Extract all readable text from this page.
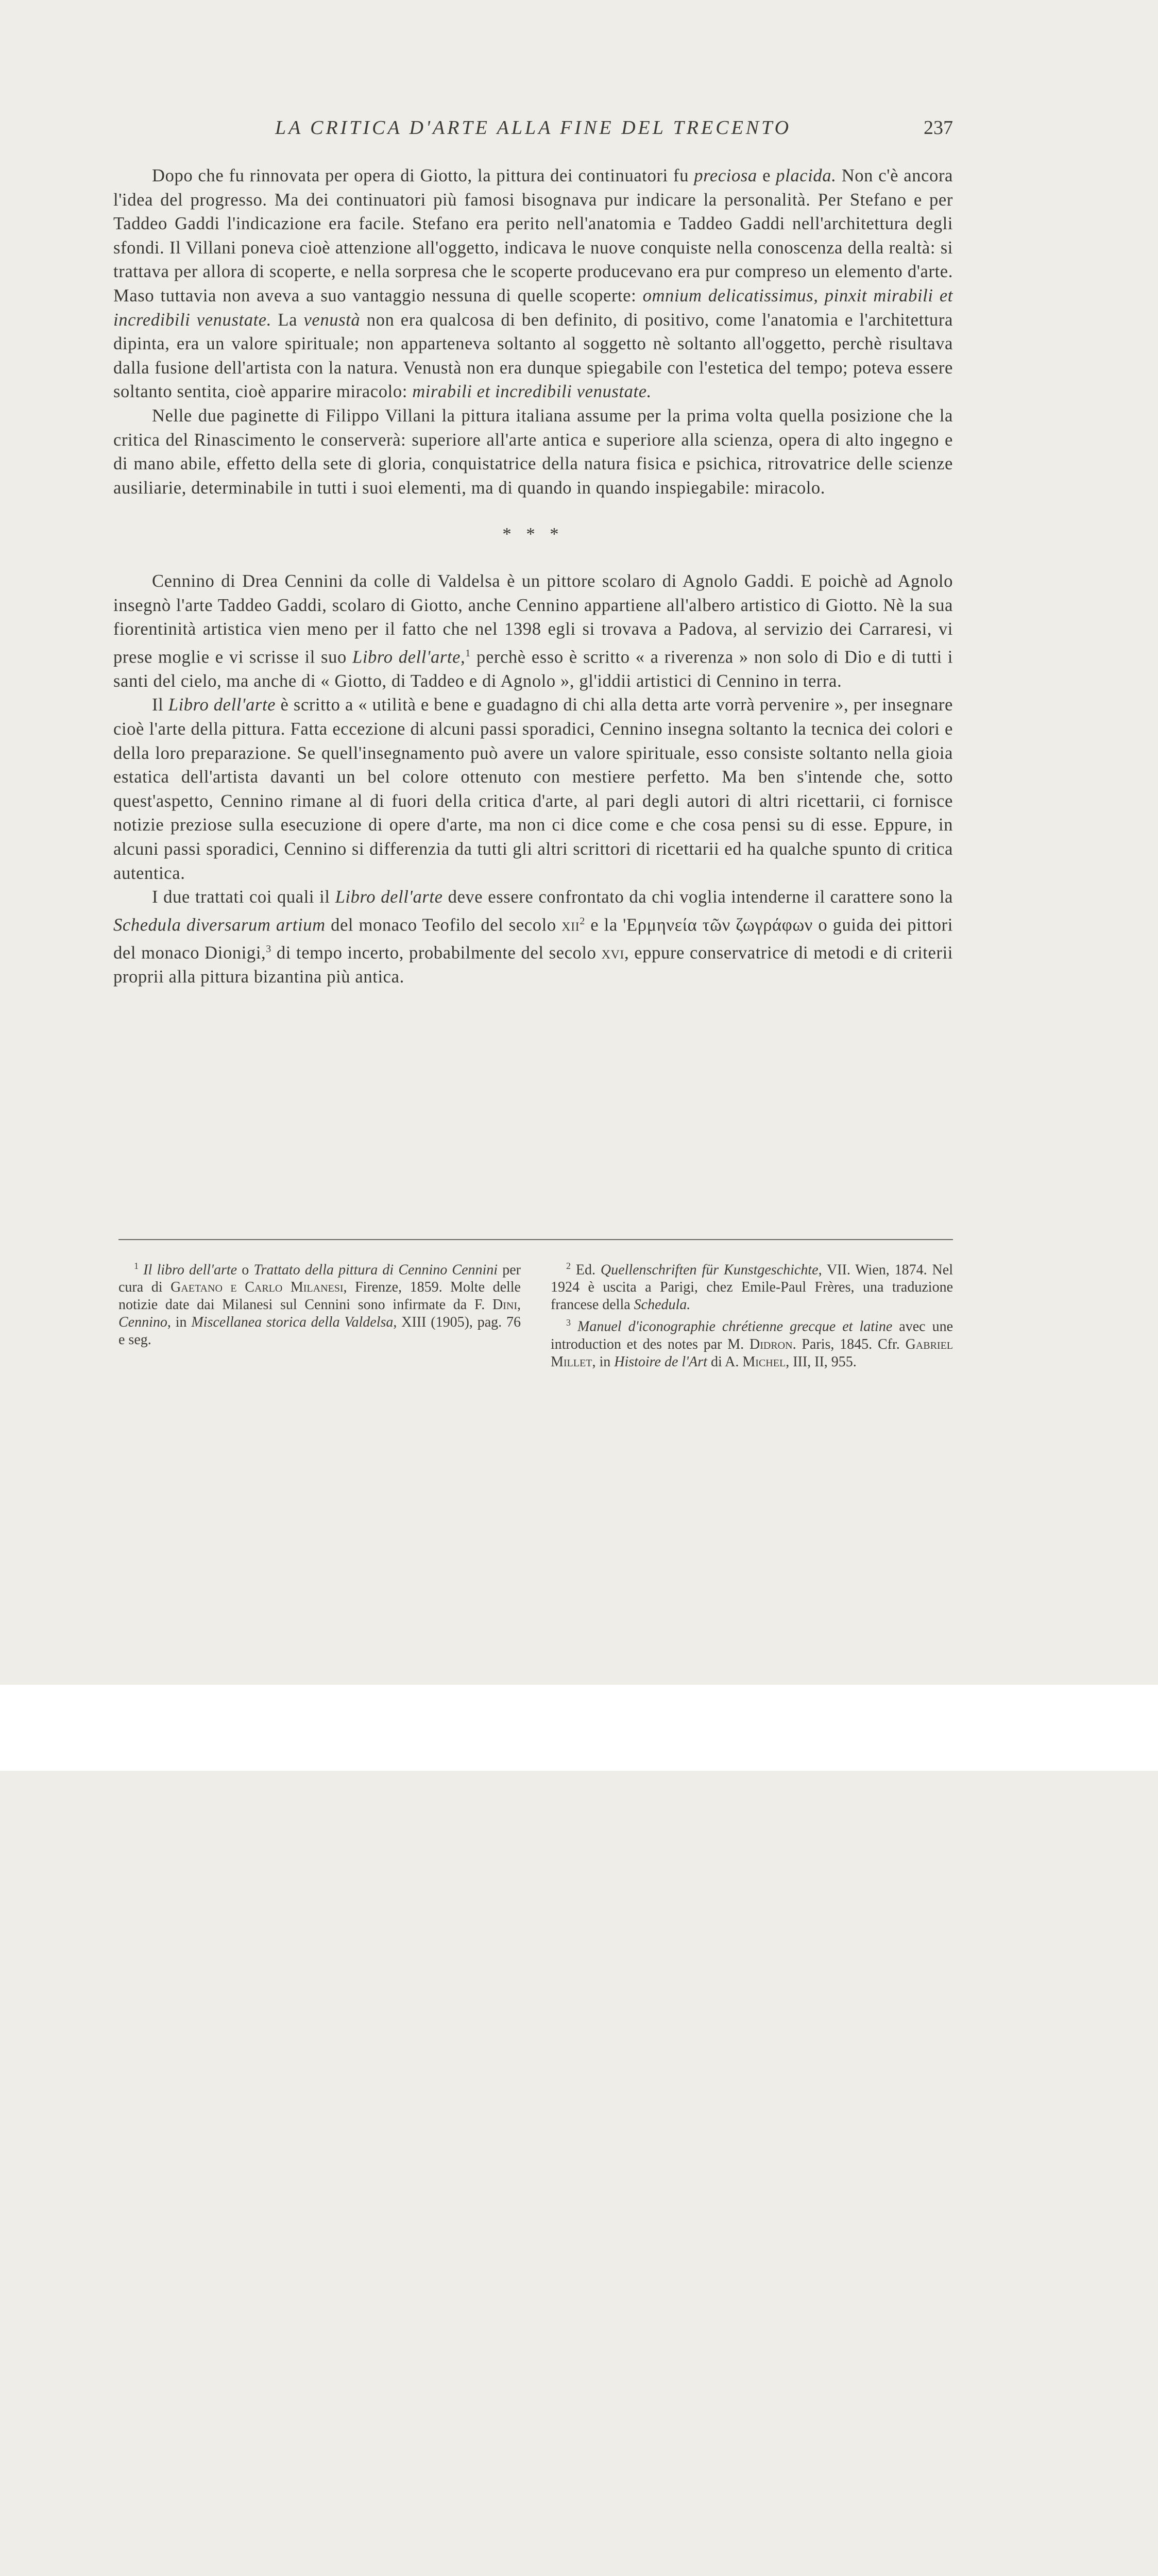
LA CRITICA D'ARTE ALLA FINE DEL TRECENTO	237

Dopo che fu rinnovata per opera di Giotto, la pittura dei continuatori fu preciosa e placida. Non c'è ancora l'idea del progresso. Ma dei continuatori più famosi bisognava pur indicare la personalità. Per Stefano e per Taddeo Gaddi l'indicazione era facile. Stefano era perito nell'anatomia e Taddeo Gaddi nell'architettura degli sfondi. Il Villani poneva cioè attenzione all'oggetto, indicava le nuove conquiste nella conoscenza della realtà: si trattava per allora di scoperte, e nella sorpresa che le scoperte producevano era pur compreso un elemento d'arte. Maso tuttavia non aveva a suo vantaggio nessuna di quelle scoperte: omnium delicatissimus, pinxit mirabili et incredibili venustate. La venustà non era qualcosa di ben definito, di positivo, come l'anatomia e l'architettura dipinta, era un valore spirituale; non apparteneva soltanto al soggetto nè soltanto all'oggetto, perchè risultava dalla fusione dell'artista con la natura. Venustà non era dunque spiegabile con l'estetica del tempo; poteva essere soltanto sentita, cioè apparire miracolo: mirabili et incredibili venustate.

Nelle due paginette di Filippo Villani la pittura italiana assume per la prima volta quella posizione che la critica del Rinascimento le conserverà: superiore all'arte antica e superiore alla scienza, opera di alto ingegno e di mano abile, effetto della sete di gloria, conquistatrice della natura fisica e psichica, ritrovatrice delle scienze ausiliarie, determinabile in tutti i suoi elementi, ma di quando in quando inspiegabile: miracolo.

* * *

Cennino di Drea Cennini da colle di Valdelsa è un pittore scolaro di Agnolo Gaddi. E poichè ad Agnolo insegnò l'arte Taddeo Gaddi, scolaro di Giotto, anche Cennino appartiene all'albero artistico di Giotto. Nè la sua fiorentinità artistica vien meno per il fatto che nel 1398 egli si trovava a Padova, al servizio dei Carraresi, vi prese moglie e vi scrisse il suo Libro dell'arte,$^1$ perchè esso è scritto « a riverenza » non solo di Dio e di tutti i santi del cielo, ma anche di « Giotto, di Taddeo e di Agnolo », gl'iddii artistici di Cennino in terra.

Il Libro dell'arte è scritto a « utilità e bene e guadagno di chi alla detta arte vorrà pervenire », per insegnare cioè l'arte della pittura. Fatta eccezione di alcuni passi sporadici, Cennino insegna soltanto la tecnica dei colori e della loro preparazione. Se quell'insegnamento può avere un valore spirituale, esso consiste soltanto nella gioia estatica dell'artista davanti un bel colore ottenuto con mestiere perfetto. Ma ben s'intende che, sotto quest'aspetto, Cennino rimane al di fuori della critica d'arte, al pari degli autori di altri ricettarii, ci fornisce notizie preziose sulla esecuzione di opere d'arte, ma non ci dice come e che cosa pensi su di esse. Eppure, in alcuni passi sporadici, Cennino si differenzia da tutti gli altri scrittori di ricettarii ed ha qualche spunto di critica autentica.

I due trattati coi quali il Libro dell'arte deve essere confrontato da chi voglia intenderne il carattere sono la Schedula diversarum artium del monaco Teofilo del secolo xii$^2$ e la 'Ερμηνεία τῶν ζωγράφων o guida dei pittori del monaco Dionigi,$^3$ di tempo incerto, probabilmente del secolo xvi, eppure conservatrice di metodi e di criterii proprii alla pittura bizantina più antica.

$^1$ Il libro dell'arte o Trattato della pittura di Cennino Cennini per cura di Gaetano e Carlo Milanesi, Firenze, 1859. Molte delle notizie date dai Milanesi sul Cennini sono infirmate da F. Dini, Cennino, in Miscellanea storica della Valdelsa, XIII (1905), pag. 76 e seg.

$^2$ Ed. Quellenschriften für Kunstgeschichte, VII. Wien, 1874. Nel 1924 è uscita a Parigi, chez Emile-Paul Frères, una traduzione francese della Schedula.

$^3$ Manuel d'iconographie chrétienne grecque et latine avec une introduction et des notes par M. Didron. Paris, 1845. Cfr. Gabriel Millet, in Histoire de l'Art di A. Michel, III, II, 955.
